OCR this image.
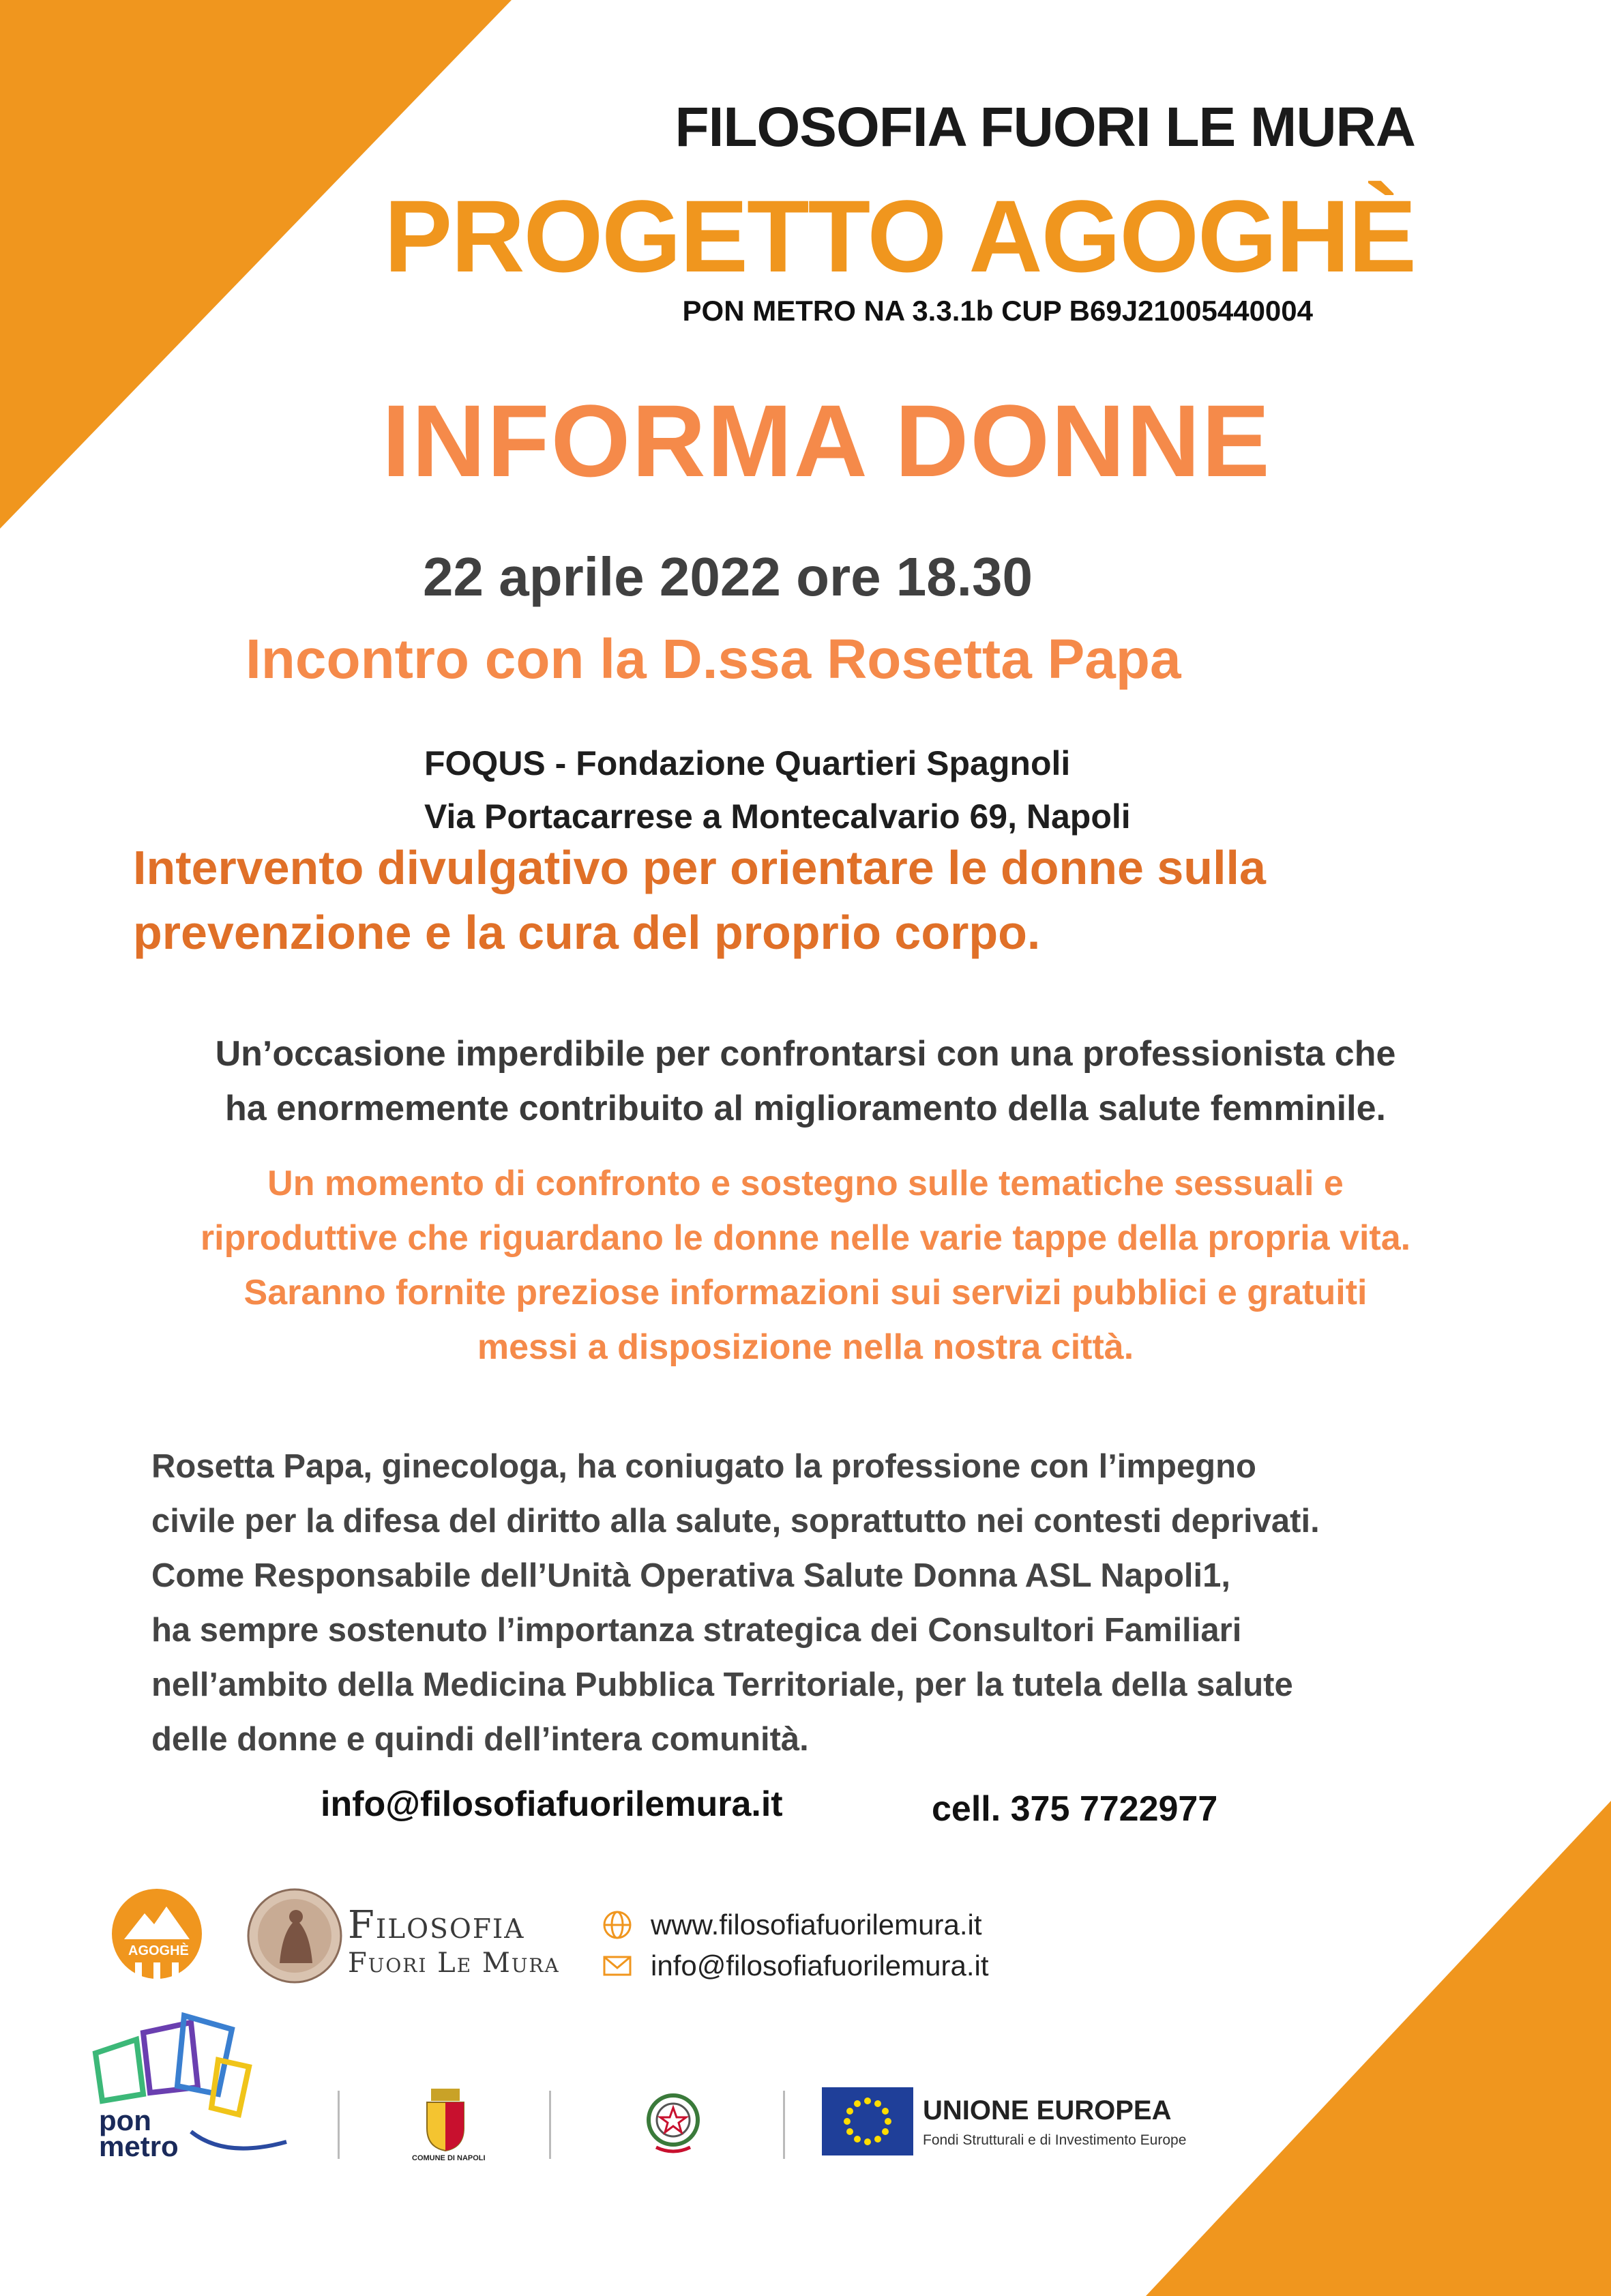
FILOSOFIA FUORI LE MURA
PROGETTO AGOGHÈ
PON METRO NA 3.3.1b CUP B69J21005440004
INFORMA DONNE
22 aprile 2022 ore 18.30
Incontro con la D.ssa Rosetta Papa
FOQUS - Fondazione Quartieri Spagnoli
Via Portacarrese a Montecalvario 69, Napoli
Intervento divulgativo per orientare le donne sulla
prevenzione e la cura del proprio corpo.
Un’occasione imperdibile per confrontarsi con una professionista che
ha enormemente contribuito al miglioramento della salute femminile.
Un momento di confronto e sostegno sulle tematiche sessuali e
riproduttive che riguardano le donne nelle varie tappe della propria vita.
Saranno fornite preziose informazioni sui servizi pubblici e gratuiti
messi a disposizione nella nostra città.
Rosetta Papa, ginecologa, ha coniugato la professione con l’impegno
civile per la difesa del diritto alla salute, soprattutto nei contesti deprivati.
Come Responsabile dell’Unità Operativa Salute Donna ASL Napoli1,
ha sempre sostenuto l’importanza strategica dei Consultori Familiari
nell’ambito della Medicina Pubblica Territoriale, per la tutela della salute
delle donne e quindi dell’intera comunità.
info@filosofiafuorilemura.it	cell. 375 7722977
AGOGHÈ
Filosofia
Fuori Le Mura
www.filosofiafuorilemura.it
info@filosofiafuorilemura.it
pon
metro	COMUNE DI NAPOLI
UNIONE EUROPEA
Fondi Strutturali e di Investimento Europe
